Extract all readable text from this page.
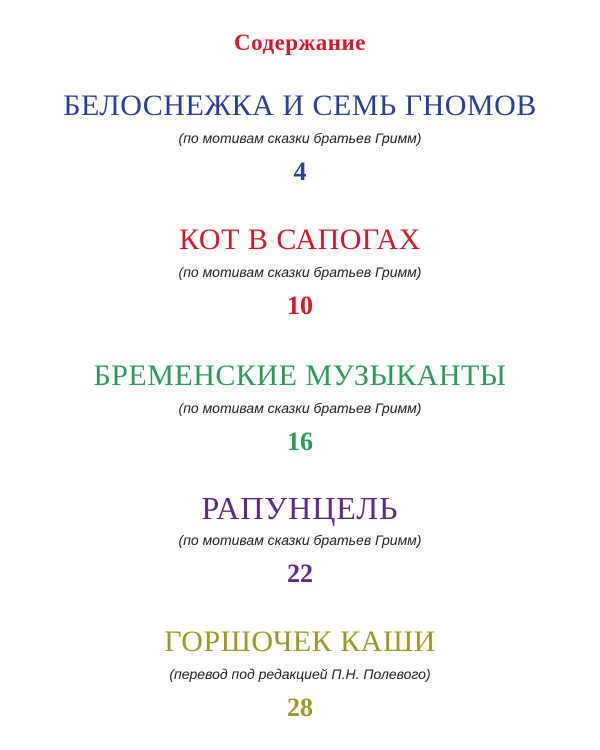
Содержание
БЕЛОСНЕЖКА И СЕМЬ ГНОМОВ
(по мотивам сказки братьев Гримм)
4
КОТ В САПОГАХ
(по мотивам сказки братьев Гримм)
10
БРЕМЕНСКИЕ МУЗЫКАНТЫ
(по мотивам сказки братьев Гримм)
16
РАПУНЦЕЛЬ
(по мотивам сказки братьев Гримм)
22
ГОРШОЧЕК КАШИ
(перевод под редакцией П.Н. Полевого)
28
